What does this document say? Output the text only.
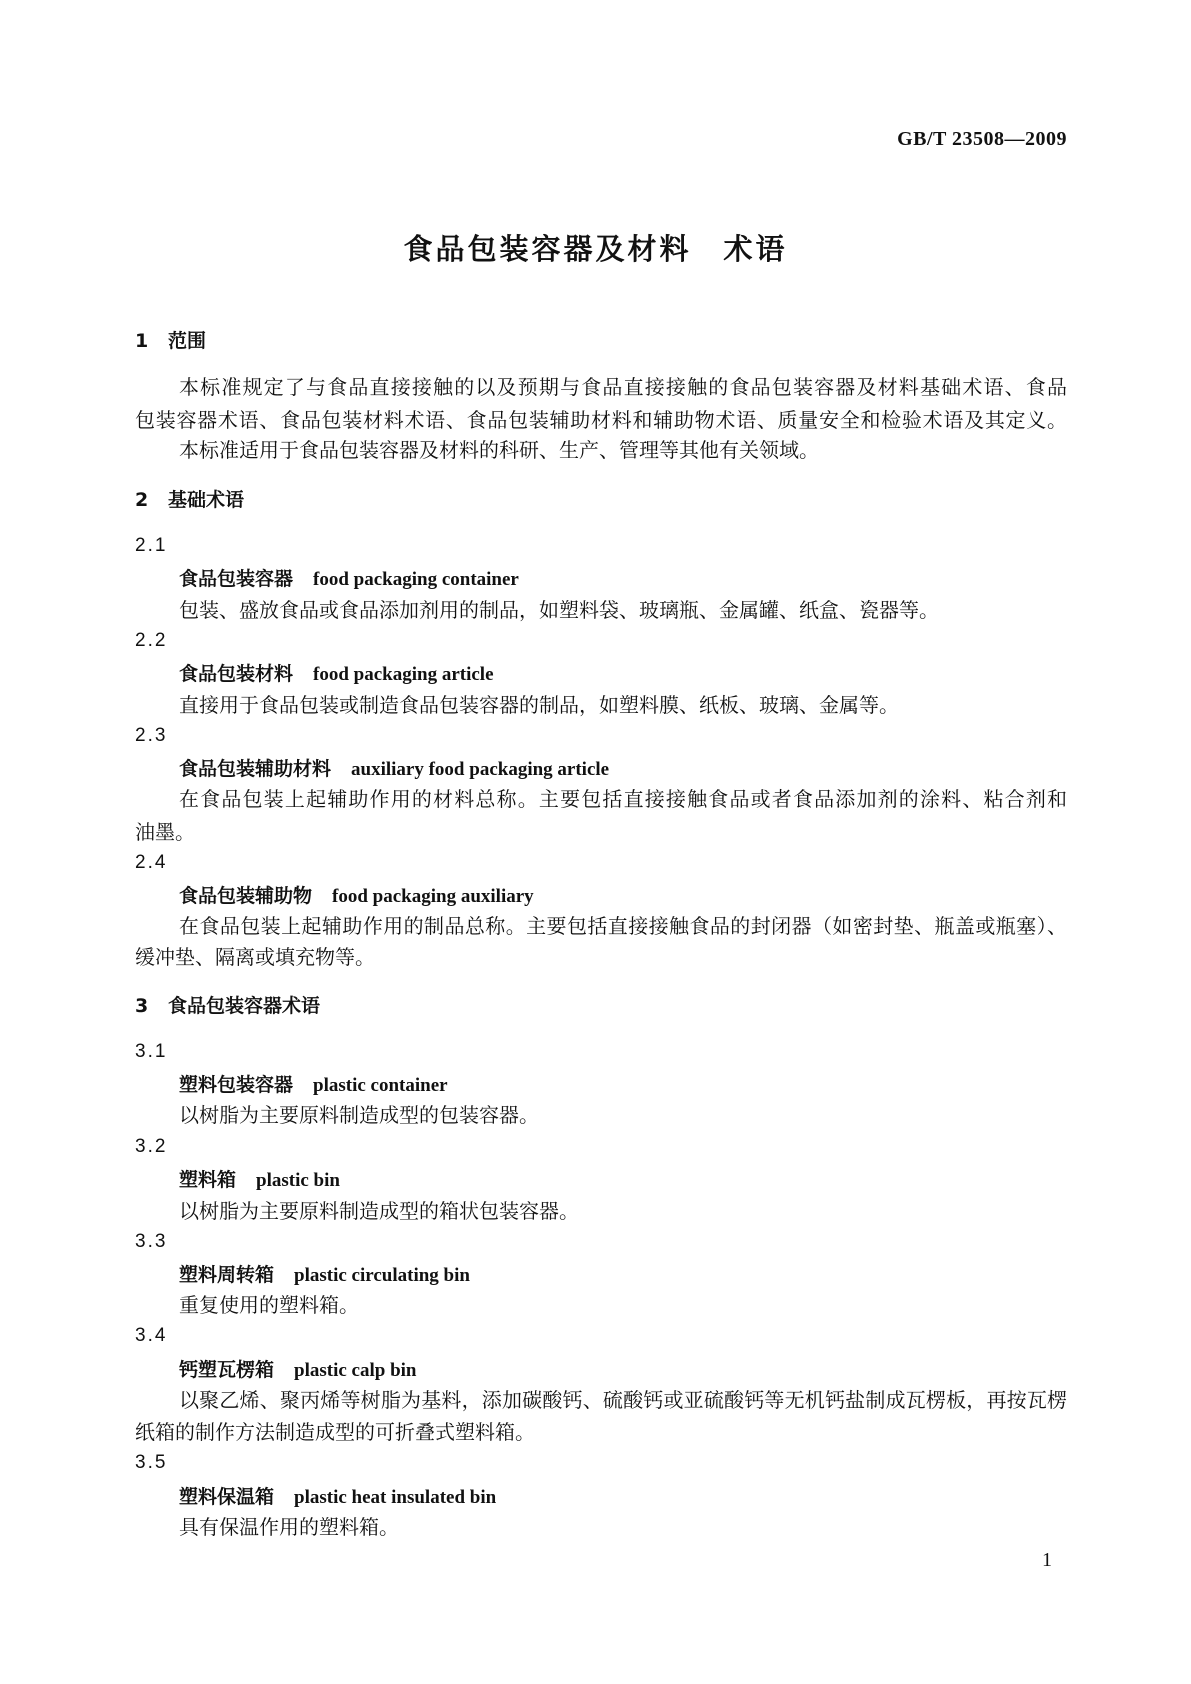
GB/T 23508—2009
食品包装容器及材料　术语
1 范围
本标准规定了与食品直接接触的以及预期与食品直接接触的食品包装容器及材料基础术语、食品
包装容器术语、食品包装材料术语、食品包装辅助材料和辅助物术语、质量安全和检验术语及其定义。
本标准适用于食品包装容器及材料的科研、生产、管理等其他有关领域。
2 基础术语
2.1
食品包装容器 food packaging container
包装、盛放食品或食品添加剂用的制品，如塑料袋、玻璃瓶、金属罐、纸盒、瓷器等。
2.2
食品包装材料 food packaging article
直接用于食品包装或制造食品包装容器的制品，如塑料膜、纸板、玻璃、金属等。
2.3
食品包装辅助材料 auxiliary food packaging article
在食品包装上起辅助作用的材料总称。主要包括直接接触食品或者食品添加剂的涂料、粘合剂和
油墨。
2.4
食品包装辅助物 food packaging auxiliary
在食品包装上起辅助作用的制品总称。主要包括直接接触食品的封闭器（如密封垫、瓶盖或瓶塞）、
缓冲垫、隔离或填充物等。
3 食品包装容器术语
3.1
塑料包装容器 plastic container
以树脂为主要原料制造成型的包装容器。
3.2
塑料箱 plastic bin
以树脂为主要原料制造成型的箱状包装容器。
3.3
塑料周转箱 plastic circulating bin
重复使用的塑料箱。
3.4
钙塑瓦楞箱 plastic calp bin
以聚乙烯、聚丙烯等树脂为基料，添加碳酸钙、硫酸钙或亚硫酸钙等无机钙盐制成瓦楞板，再按瓦楞
纸箱的制作方法制造成型的可折叠式塑料箱。
3.5
塑料保温箱 plastic heat insulated bin
具有保温作用的塑料箱。
1
